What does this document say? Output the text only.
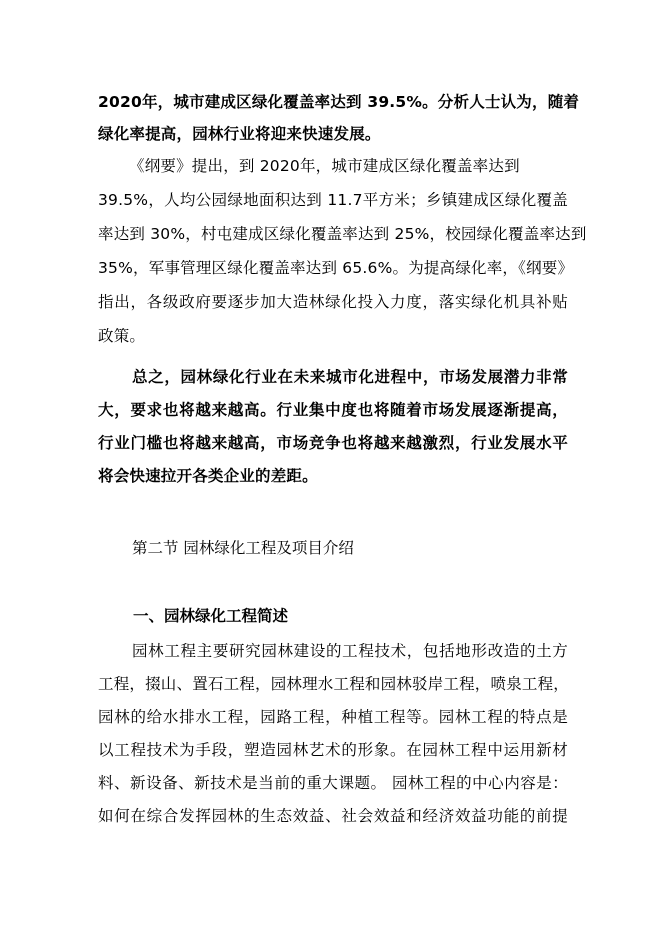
2020年，城市建成区绿化覆盖率达到 39.5%。分析人士认为，随着
绿化率提高，园林行业将迎来快速发展。
《纲要》提出，到 2020年，城市建成区绿化覆盖率达到
39.5%，人均公园绿地面积达到 11.7平方米；乡镇建成区绿化覆盖
率达到 30%，村屯建成区绿化覆盖率达到 25%，校园绿化覆盖率达到
35%，军事管理区绿化覆盖率达到 65.6%。为提高绿化率，《纲要》
指出，各级政府要逐步加大造林绿化投入力度，落实绿化机具补贴
政策。
总之，园林绿化行业在未来城市化进程中，市场发展潜力非常
大，要求也将越来越高。行业集中度也将随着市场发展逐渐提高，
行业门槛也将越来越高，市场竞争也将越来越激烈，行业发展水平
将会快速拉开各类企业的差距。
第二节 园林绿化工程及项目介绍
一、园林绿化工程简述
园林工程主要研究园林建设的工程技术，包括地形改造的土方
工程，掇山、置石工程，园林理水工程和园林驳岸工程，喷泉工程，
园林的给水排水工程，园路工程，种植工程等。园林工程的特点是
以工程技术为手段，塑造园林艺术的形象。在园林工程中运用新材
料、新设备、新技术是当前的重大课题。 园林工程的中心内容是：
如何在综合发挥园林的生态效益、社会效益和经济效益功能的前提
